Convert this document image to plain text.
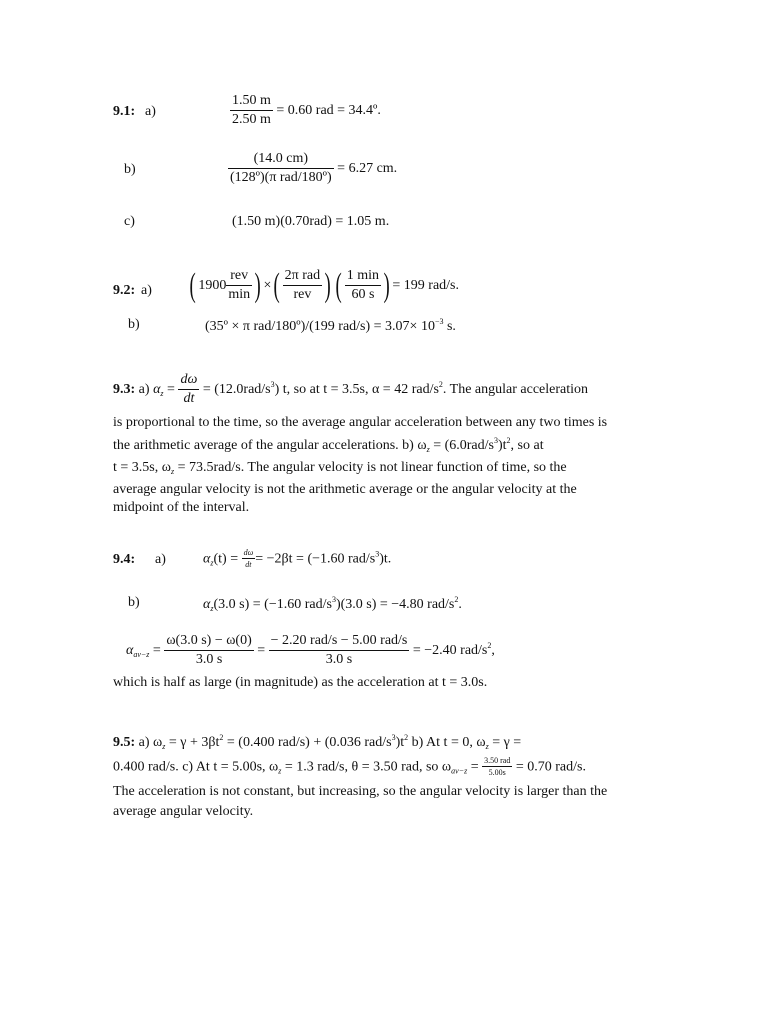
9.1: a)	$\frac{1.50 m}{2.50 m} = 0.60$ rad = 34.4º.
b)	$\frac{(14.0 cm)}{\text{(128º)(π rad/180º)}} = 6.27$ cm.
c)	(1.50 m)(0.70rad) = 1.05 m.
9.2: a) ( $1900 \frac{\text{rev}}{\min}$ ) ×( $\frac{\text{2π rad}}{\text{rev}}$ ) ( $\frac{1 \min}{60 s}$ ) = 199 rad/s.
b)	(35º × π rad/180º)/(199 $rad/s) = 3.07\times 10^{-3}$ s.
9.3: a) $\alpha_z = \frac{d\omega}{dt} = (12.0rad/s^3)$ t, so at t = 3.5s, α = 42 rad/$s^2$. The angular acceleration

is proportional to the time, so the average angular acceleration between any two times is

the arithmetic average of the angular accelerations. b) $\omega_z = (6.0rad/s^3)t^2$, so at

t = 3.5s, $\omega_z = 73.5rad/s$. The angular velocity is not linear function of time, so the

average angular velocity is not the arithmetic average or the angular velocity at the

midpoint of the interval.

9.4: a)	$\alpha_z(t) = \frac{d\omega}{dt} = -2\beta t = (-1.60$ rad/$s^3)t$.
b)	$\alpha_z(3.0$ s) = (−1.60 rad/$s^3)(3.0$ s) = −4.80 rad/$s^2$.
$\alpha_{av-z} = \frac{\omega(3.0 s) - \omega(0)}{3.0 s} = \frac{\text{− 2.20 rad/s − 5.00 rad/s}}{3.0 s} = -2.40$ rad/$s^2$,
which is half as large (in magnitude) as the acceleration at t = 3.0s.

9.5: a) $\omega_z = \gamma + 3\beta t^2 = (0.400$ rad/s) + (0.036 rad/$s^3)t^2$ b) At t = 0, $\omega_z = \gamma$ =

0.400 rad/s. c) At t = 5.00s, $\omega_z = 1.3$ rad/s, θ = 3.50 rad, so $\omega_{av-z} = \frac{\text{3.50 rad}}{5.00s} = 0.70$ rad/s.

The acceleration is not constant, but increasing, so the angular velocity is larger than the

average angular velocity.
